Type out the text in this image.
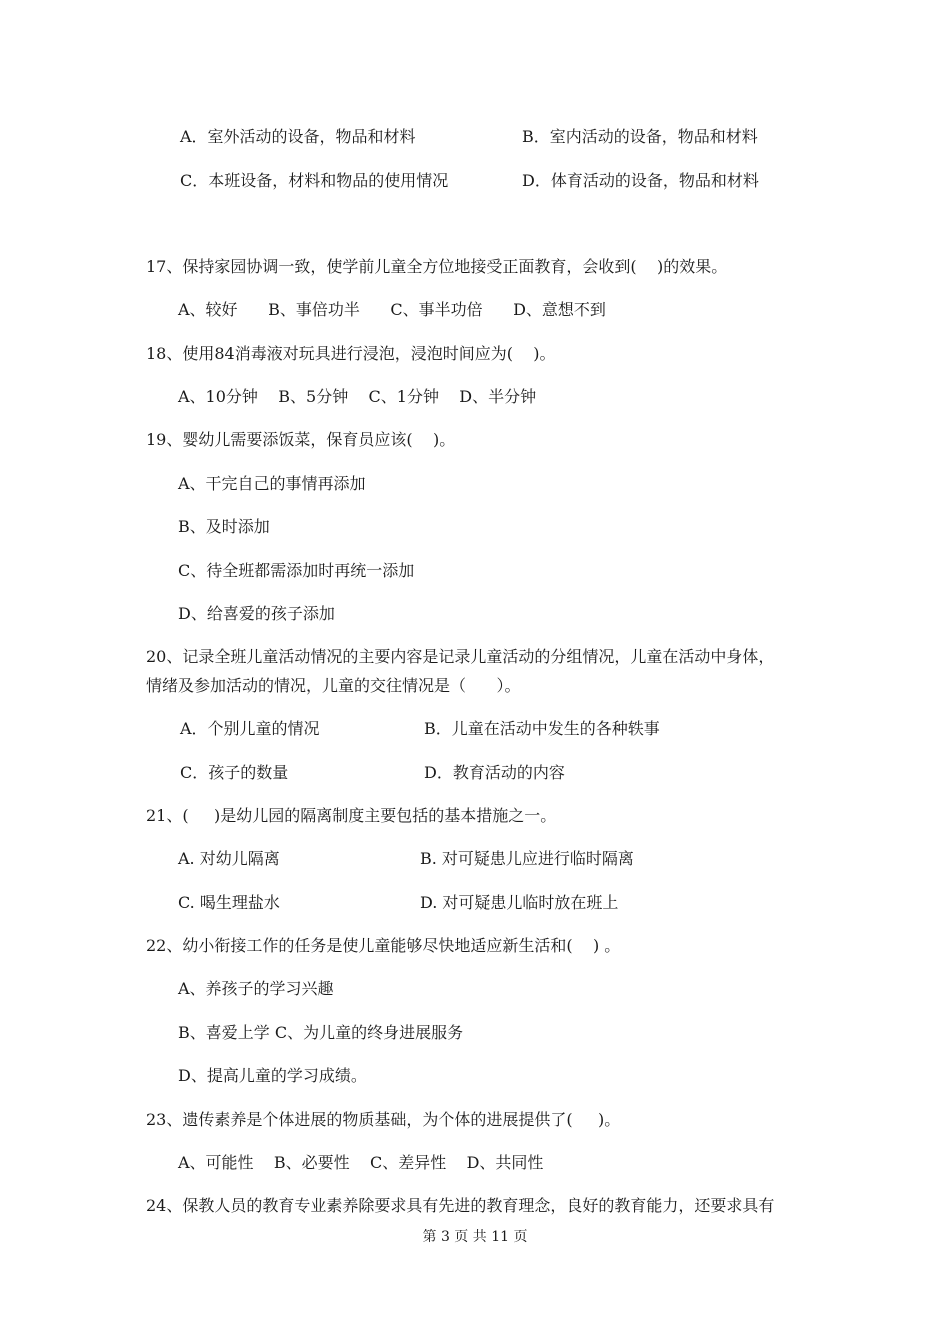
A．室外活动的设备，物品和材料	B．室内活动的设备，物品和材料
C．本班设备，材料和物品的使用情况	D．体育活动的设备，物品和材料
17、保持家园协调一致，使学前儿童全方位地接受正面教育，会收到(    )的效果。
A、较好      B、事倍功半      C、事半功倍      D、意想不到
18、使用84消毒液对玩具进行浸泡，浸泡时间应为(    )。
A、10分钟    B、5分钟    C、1分钟    D、半分钟
19、婴幼儿需要添饭菜，保育员应该(    )。
A、干完自己的事情再添加
B、及时添加
C、待全班都需添加时再统一添加
D、给喜爱的孩子添加
20、记录全班儿童活动情况的主要内容是记录儿童活动的分组情况，儿童在活动中身体，
情绪及参加活动的情况，儿童的交往情况是（      ）。
A．个别儿童的情况	B．儿童在活动中发生的各种轶事
C．孩子的数量	D．教育活动的内容
21、(     )是幼儿园的隔离制度主要包括的基本措施之一。
A. 对幼儿隔离	B. 对可疑患儿应进行临时隔离
C. 喝生理盐水	D. 对可疑患儿临时放在班上
22、幼小衔接工作的任务是使儿童能够尽快地适应新生活和(    ) 。
A、养孩子的学习兴趣
B、喜爱上学 C、为儿童的终身进展服务
D、提高儿童的学习成绩。
23、遗传素养是个体进展的物质基础，为个体的进展提供了(     )。
A、可能性    B、必要性    C、差异性    D、共同性
24、保教人员的教育专业素养除要求具有先进的教育理念，良好的教育能力，还要求具有
第 3 页 共 11 页
